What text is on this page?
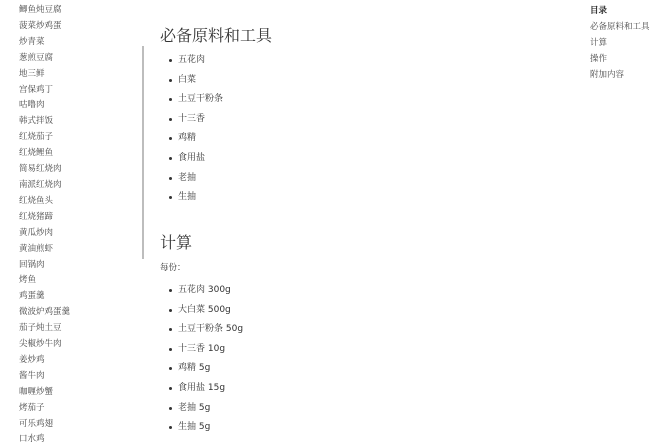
鲫鱼炖豆腐
菠菜炒鸡蛋
炒青菜
葱煎豆腐
地三鲜
宫保鸡丁
咕噜肉
韩式拌饭
红烧茄子
红烧鲤鱼
简易红烧肉
南派红烧肉
红烧鱼头
红烧猪蹄
黄瓜炒肉
黄油煎虾
回锅肉
烤鱼
鸡蛋羹
微波炉鸡蛋羹
茄子炖土豆
尖椒炒牛肉
姜炒鸡
酱牛肉
咖喱炒蟹
烤茄子
可乐鸡翅
口水鸡
必备原料和工具
五花肉
白菜
土豆干粉条
十三香
鸡精
食用盐
老抽
生抽
计算

每份：

五花肉 300g
大白菜 500g
土豆干粉条 50g
十三香 10g
鸡精 5g
食用盐 15g
老抽 5g
生抽 5g
目录
必备原料和工具
计算
操作
附加内容
